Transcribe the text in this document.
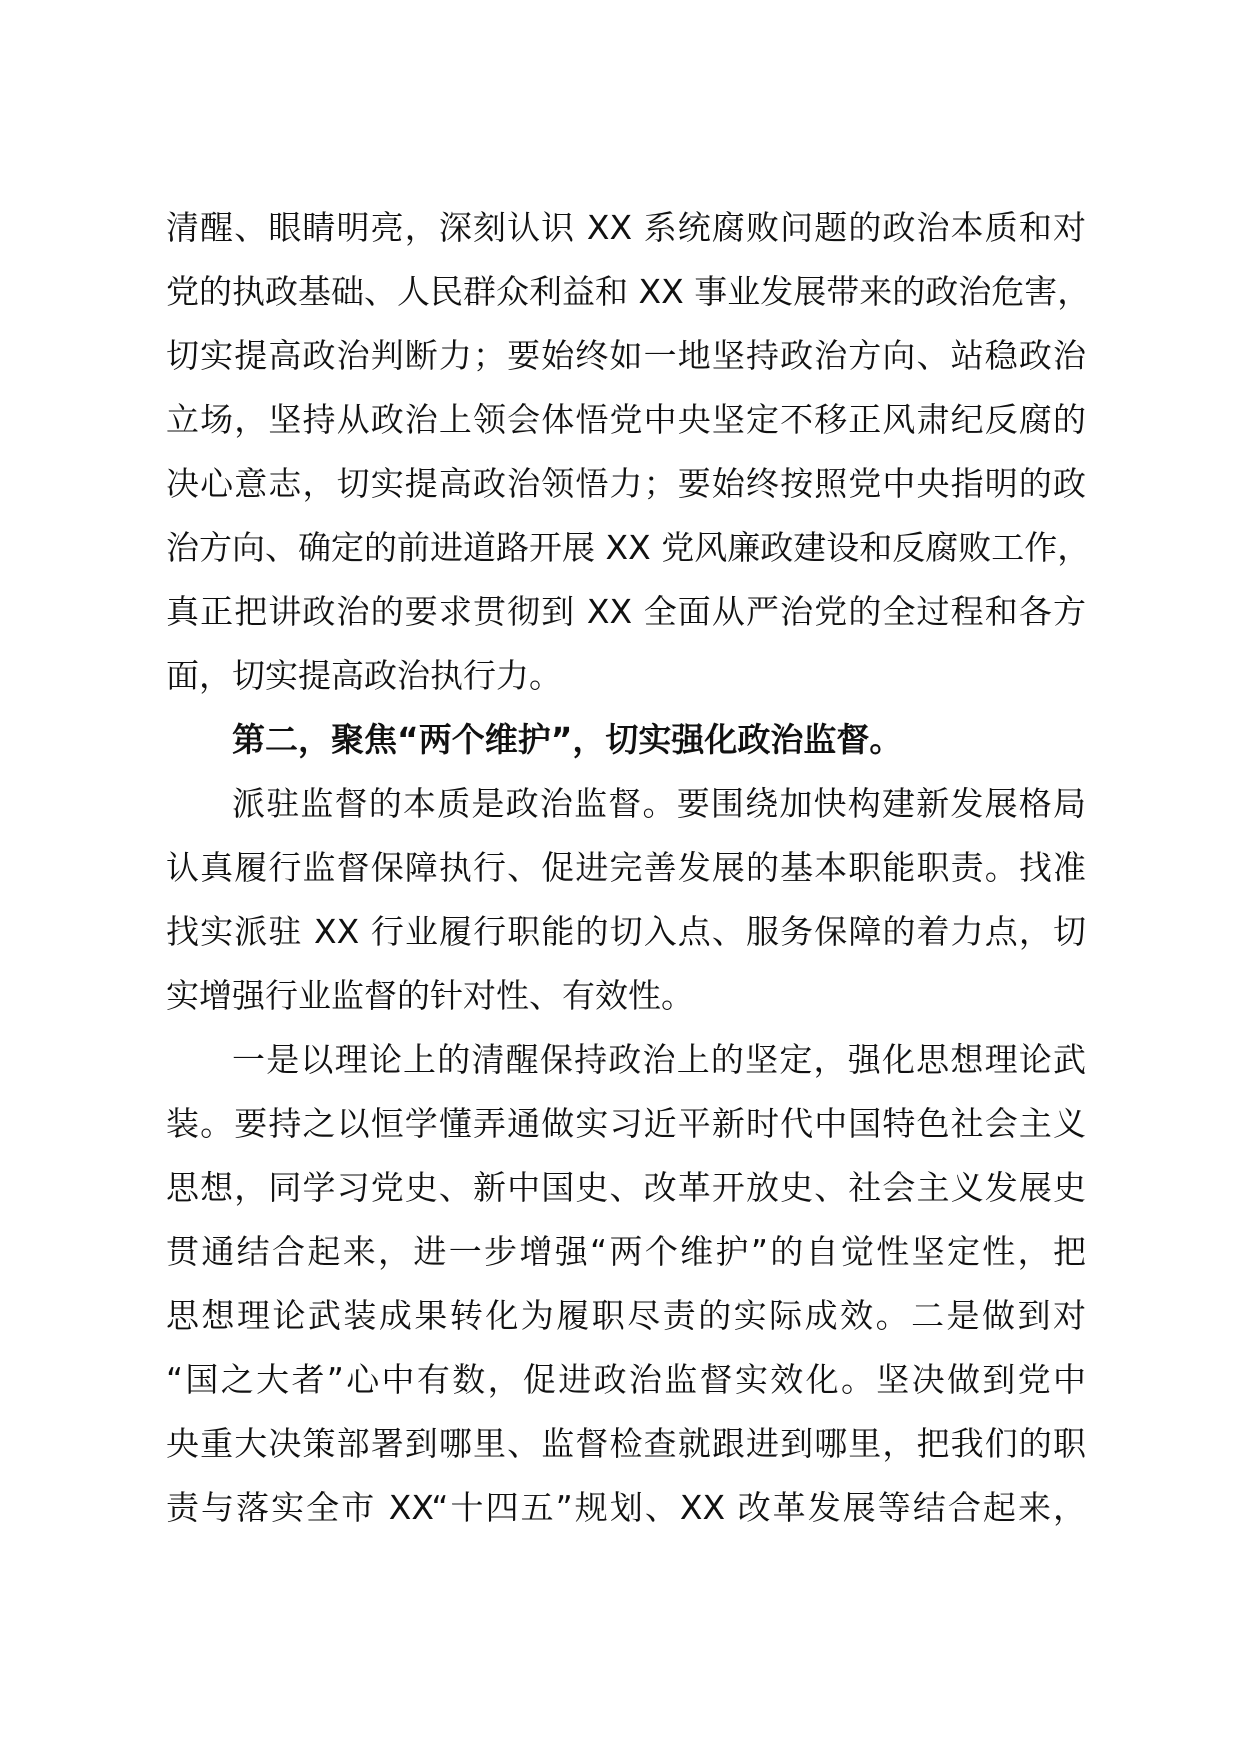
清醒、眼睛明亮，深刻认识 XX 系统腐败问题的政治本质和对
党的执政基础、人民群众利益和 XX 事业发展带来的政治危害，
切实提高政治判断力；要始终如一地坚持政治方向、站稳政治
立场，坚持从政治上领会体悟党中央坚定不移正风肃纪反腐的
决心意志，切实提高政治领悟力；要始终按照党中央指明的政
治方向、确定的前进道路开展 XX 党风廉政建设和反腐败工作，
真正把讲政治的要求贯彻到 XX 全面从严治党的全过程和各方
面，切实提高政治执行力。
第二，聚焦“两个维护”，切实强化政治监督。
派驻监督的本质是政治监督。要围绕加快构建新发展格局
认真履行监督保障执行、促进完善发展的基本职能职责。找准
找实派驻 XX 行业履行职能的切入点、服务保障的着力点，切
实增强行业监督的针对性、有效性。
一是以理论上的清醒保持政治上的坚定，强化思想理论武
装。要持之以恒学懂弄通做实习近平新时代中国特色社会主义
思想，同学习党史、新中国史、改革开放史、社会主义发展史
贯通结合起来，进一步增强“两个维护”的自觉性坚定性，把
思想理论武装成果转化为履职尽责的实际成效。二是做到对
“国之大者”心中有数，促进政治监督实效化。坚决做到党中
央重大决策部署到哪里、监督检查就跟进到哪里，把我们的职
责与落实全市 XX“十四五”规划、XX 改革发展等结合起来，
